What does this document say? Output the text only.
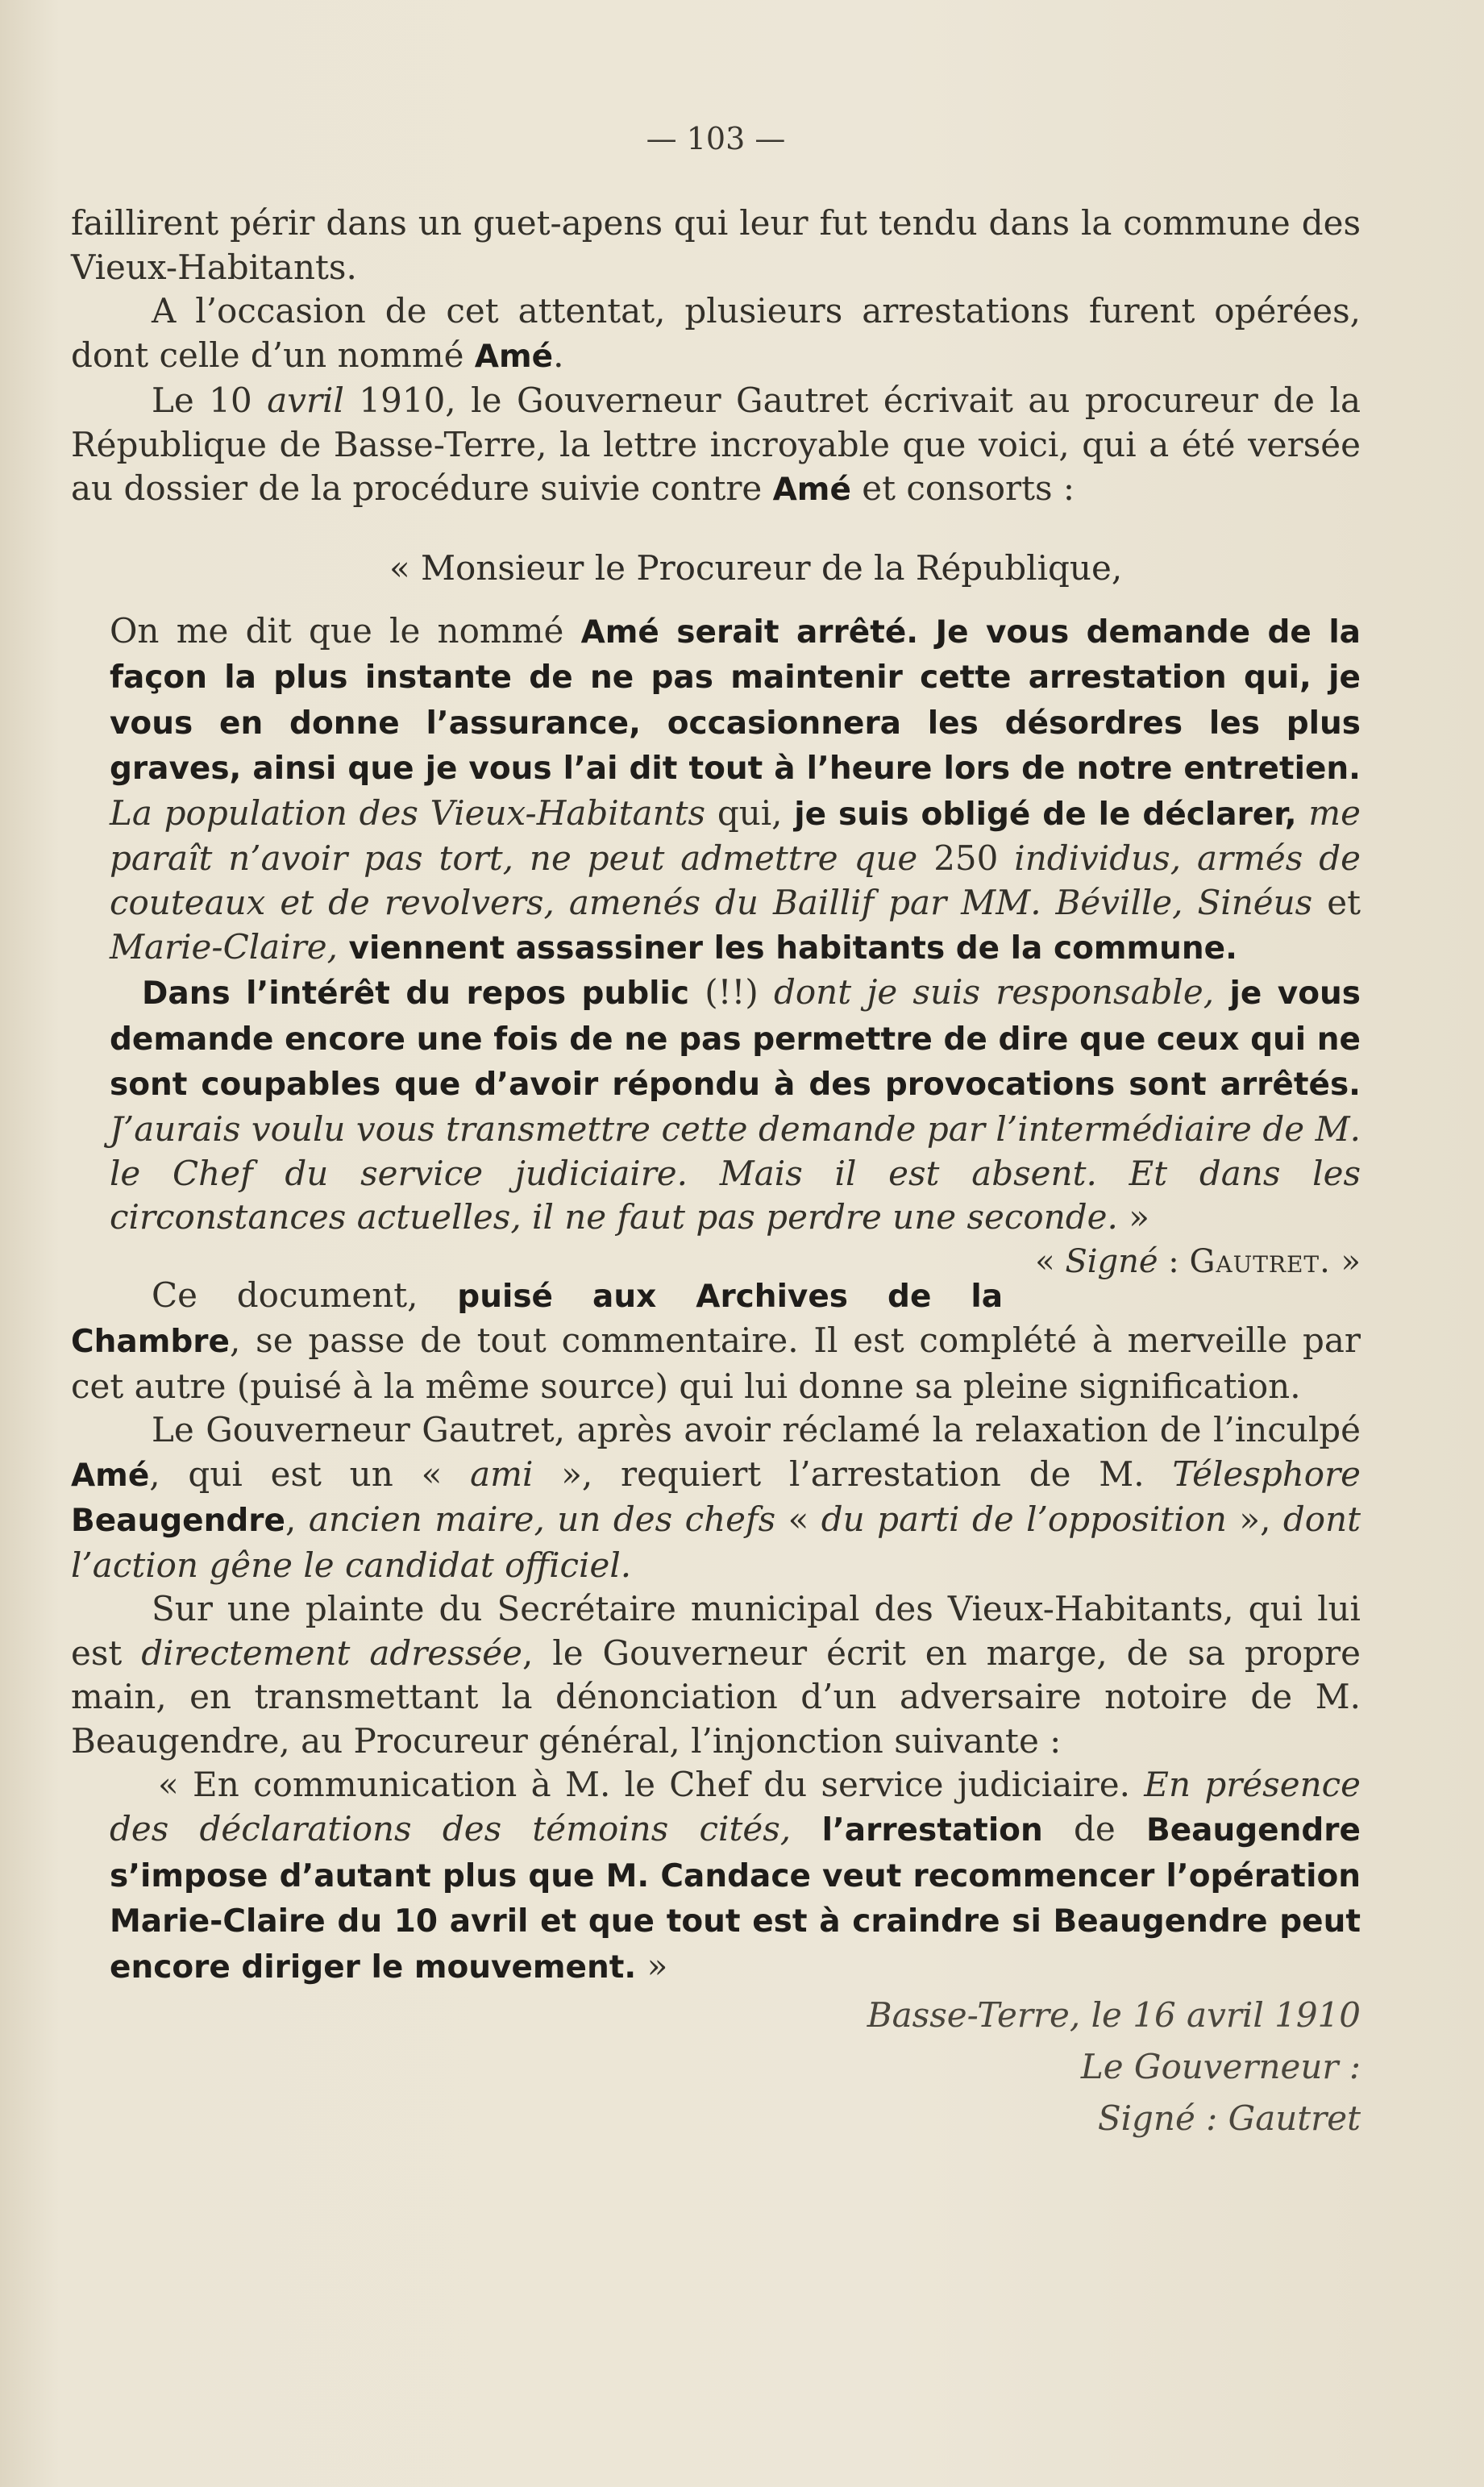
— 103 —

faillirent périr dans un guet-apens qui leur fut tendu dans la commune des Vieux-Habitants.

A l’occasion de cet attentat, plusieurs arrestations furent opérées, dont celle d’un nommé Amé.

Le 10 avril 1910, le Gouverneur Gautret écrivait au procureur de la République de Basse-Terre, la lettre incroyable que voici, qui a été versée au dossier de la procédure suivie contre Amé et consorts :

« Monsieur le Procureur de la République,

On me dit que le nommé Amé serait arrêté. Je vous demande de la façon la plus instante de ne pas maintenir cette arrestation qui, je vous en donne l’assurance, occasionnera les désordres les plus graves, ainsi que je vous l’ai dit tout à l’heure lors de notre entretien. La population des Vieux-Habitants qui, je suis obligé de le déclarer, me paraît n’avoir pas tort, ne peut admettre que 250 individus, armés de couteaux et de revolvers, amenés du Baillif par MM. Béville, Sinéus et Marie-Claire, viennent assassiner les habitants de la commune.

Dans l’intérêt du repos public (!!) dont je suis responsable, je vous demande encore une fois de ne pas permettre de dire que ceux qui ne sont coupables que d’avoir répondu à des provocations sont arrêtés. J’aurais voulu vous transmettre cette demande par l’intermédiaire de M. le Chef du service judiciaire. Mais il est absent. Et dans les circonstances actuelles, il ne faut pas perdre une seconde. »
« Signé : Gautret. »

Ce document, puisé aux Archives de la Chambre, se passe de tout commentaire. Il est complété à merveille par cet autre (puisé à la même source) qui lui donne sa pleine signification.

Le Gouverneur Gautret, après avoir réclamé la relaxation de l’inculpé Amé, qui est un « ami », requiert l’arrestation de M. Télesphore Beaugendre, ancien maire, un des chefs « du parti de l’opposition », dont l’action gêne le candidat officiel.

Sur une plainte du Secrétaire municipal des Vieux-Habitants, qui lui est directement adressée, le Gouverneur écrit en marge, de sa propre main, en transmettant la dénonciation d’un adversaire notoire de M. Beaugendre, au Procureur général, l’injonction suivante :

« En communication à M. le Chef du service judiciaire. En présence des déclarations des témoins cités, l’arrestation de Beaugendre s’impose d’autant plus que M. Candace veut recommencer l’opération Marie-Claire du 10 avril et que tout est à craindre si Beaugendre peut encore diriger le mouvement. »

Basse-Terre, le 16 avril 1910
Le Gouverneur :
Signé : Gautret
